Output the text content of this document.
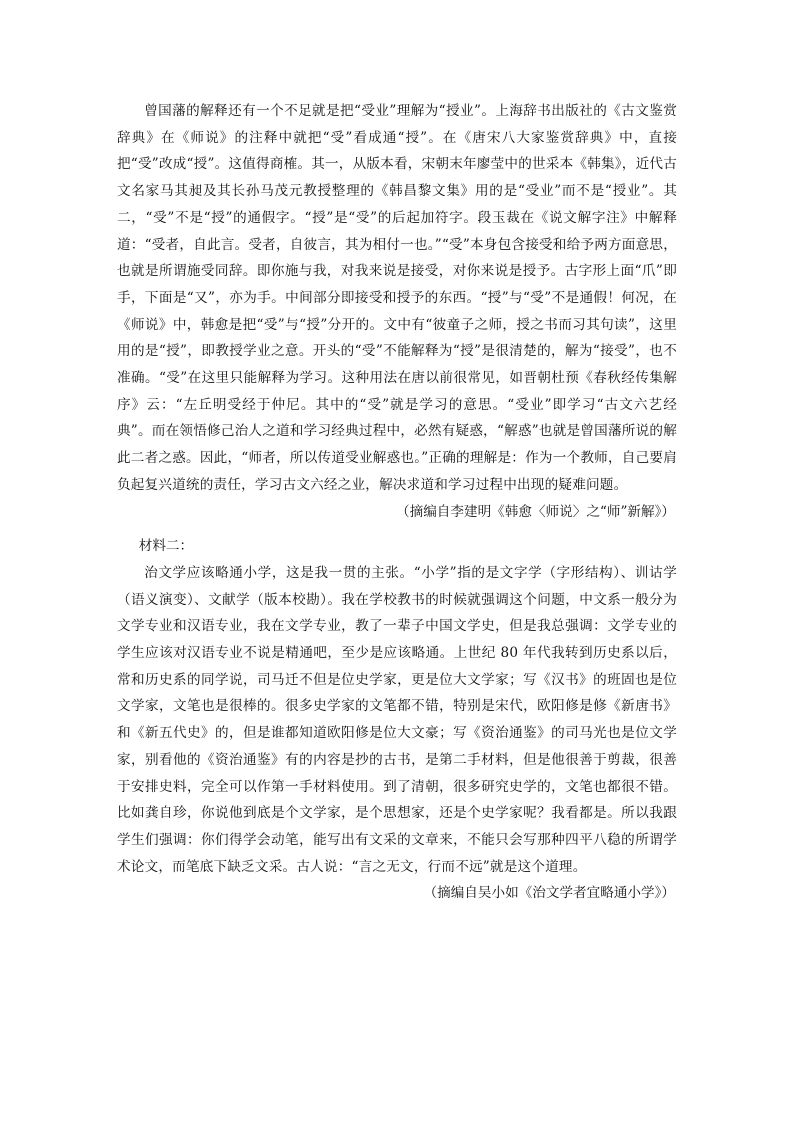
曾国藩的解释还有一个不足就是把“受业”理解为“授业”。上海辞书出版社的《古文鉴赏辞典》在《师说》的注释中就把“受”看成通“授”。在《唐宋八大家鉴赏辞典》中，直接把“受”改成“授”。这值得商榷。其一，从版本看，宋朝末年廖莹中的世采本《韩集》，近代古文名家马其昶及其长孙马茂元教授整理的《韩昌黎文集》用的是“受业”而不是“授业”。其二，“受”不是“授”的通假字。“授”是“受”的后起加符字。段玉裁在《说文解字注》中解释道：“受者，自此言。受者，自彼言，其为相付一也。”“受”本身包含接受和给予两方面意思，也就是所谓施受同辞。即你施与我，对我来说是接受，对你来说是授予。古字形上面“爪”即手，下面是“又”，亦为手。中间部分即接受和授予的东西。“授”与“受”不是通假！何况，在《师说》中，韩愈是把“受”与“授”分开的。文中有“彼童子之师，授之书而习其句读”，这里用的是“授”，即教授学业之意。开头的“受”不能解释为“授”是很清楚的，解为“接受”，也不准确。“受”在这里只能解释为学习。这种用法在唐以前很常见，如晋朝杜预《春秋经传集解序》云：“左丘明受经于仲尼。其中的“受”就是学习的意思。“受业”即学习“古文六艺经典”。而在领悟修己治人之道和学习经典过程中，必然有疑惑，“解惑”也就是曾国藩所说的解此二者之惑。因此，“师者，所以传道受业解惑也。”正确的理解是：作为一个教师，自己要肩负起复兴道统的责任，学习古文六经之业，解决求道和学习过程中出现的疑难问题。

（摘编自李建明《韩愈〈师说〉之“师”新解》）

材料二：

治文学应该略通小学，这是我一贯的主张。“小学”指的是文字学（字形结构）、训诂学（语义演变）、文献学（版本校勘）。我在学校教书的时候就强调这个问题，中文系一般分为文学专业和汉语专业，我在文学专业，教了一辈子中国文学史，但是我总强调：文学专业的学生应该对汉语专业不说是精通吧，至少是应该略通。上世纪 80 年代我转到历史系以后，常和历史系的同学说，司马迁不但是位史学家，更是位大文学家；写《汉书》的班固也是位文学家，文笔也是很棒的。很多史学家的文笔都不错，特别是宋代，欧阳修是修《新唐书》和《新五代史》的，但是谁都知道欧阳修是位大文豪；写《资治通鉴》的司马光也是位文学家，别看他的《资治通鉴》有的内容是抄的古书，是第二手材料，但是他很善于剪裁，很善于安排史料，完全可以作第一手材料使用。到了清朝，很多研究史学的，文笔也都很不错。比如龚自珍，你说他到底是个文学家，是个思想家，还是个史学家呢？我看都是。所以我跟学生们强调：你们得学会动笔，能写出有文采的文章来，不能只会写那种四平八稳的所谓学术论文，而笔底下缺乏文采。古人说：“言之无文，行而不远”就是这个道理。

（摘编自吴小如《治文学者宜略通小学》）
